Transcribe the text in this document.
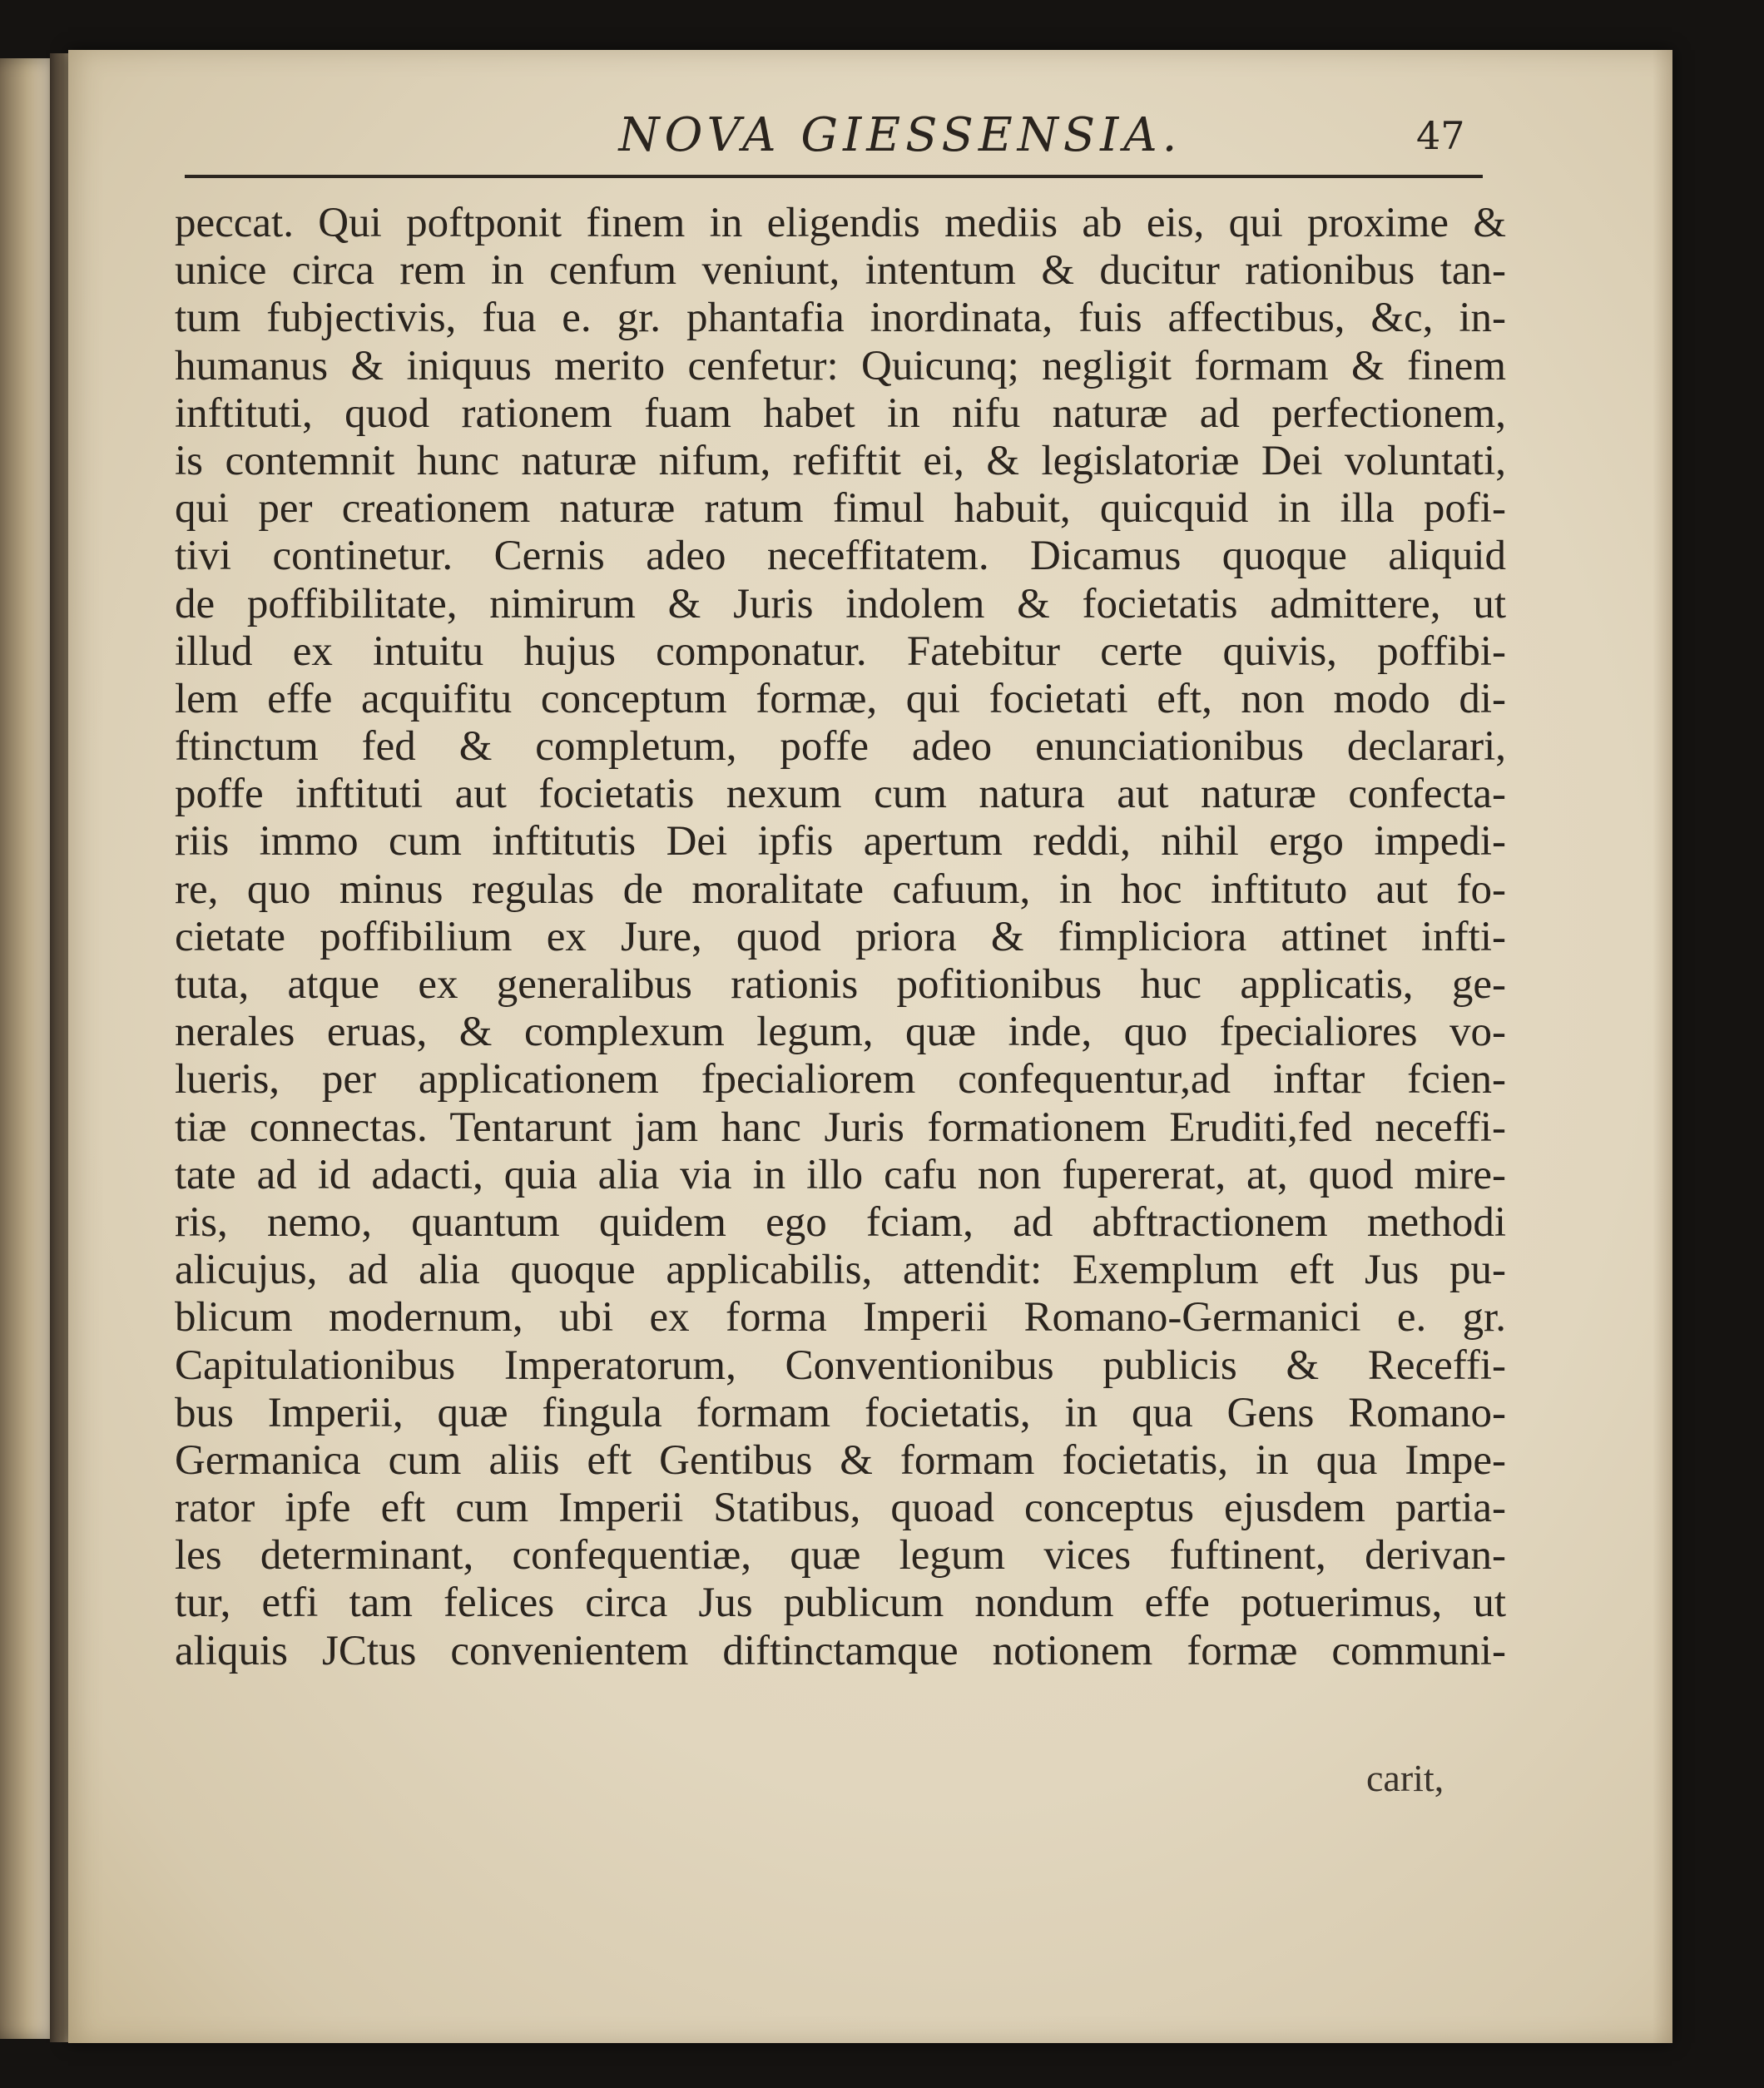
NOVA GIESSENSIA.	47
peccat. Qui poftponit finem in eligendis mediis ab eis, qui proxime &
unice circa rem in cenfum veniunt, intentum & ducitur rationibus tan-
tum fubjectivis, fua e. gr. phantafia inordinata, fuis affectibus, &c, in-
humanus & iniquus merito cenfetur: Quicunq; negligit formam & finem
inftituti, quod rationem fuam habet in nifu naturæ ad perfectionem,
is contemnit hunc naturæ nifum, refiftit ei, & legislatoriæ Dei voluntati,
qui per creationem naturæ ratum fimul habuit, quicquid in illa pofi-
tivi continetur. Cernis adeo neceffitatem. Dicamus quoque aliquid
de poffibilitate, nimirum & Juris indolem & focietatis admittere, ut
illud ex intuitu hujus componatur. Fatebitur certe quivis, poffibi-
lem effe acquifitu conceptum formæ, qui focietati eft, non modo di-
ftinctum fed & completum, poffe adeo enunciationibus declarari,
poffe inftituti aut focietatis nexum cum natura aut naturæ confecta-
riis immo cum inftitutis Dei ipfis apertum reddi, nihil ergo impedi-
re, quo minus regulas de moralitate cafuum, in hoc inftituto aut fo-
cietate poffibilium ex Jure, quod priora & fimpliciora attinet infti-
tuta, atque ex generalibus rationis pofitionibus huc applicatis, ge-
nerales eruas, & complexum legum, quæ inde, quo fpecialiores vo-
lueris, per applicationem fpecialiorem confequentur,ad inftar fcien-
tiæ connectas. Tentarunt jam hanc Juris formationem Eruditi,fed neceffi-
tate ad id adacti, quia alia via in illo cafu non fupererat, at, quod mire-
ris, nemo, quantum quidem ego fciam, ad abftractionem methodi
alicujus, ad alia quoque applicabilis, attendit: Exemplum eft Jus pu-
blicum modernum, ubi ex forma Imperii Romano-Germanici e. gr.
Capitulationibus Imperatorum, Conventionibus publicis & Receffi-
bus Imperii, quæ fingula formam focietatis, in qua Gens Romano-
Germanica cum aliis eft Gentibus & formam focietatis, in qua Impe-
rator ipfe eft cum Imperii Statibus, quoad conceptus ejusdem partia-
les determinant, confequentiæ, quæ legum vices fuftinent, derivan-
tur, etfi tam felices circa Jus publicum nondum effe potuerimus, ut
aliquis JCtus convenientem diftinctamque notionem formæ communi-
carit,
